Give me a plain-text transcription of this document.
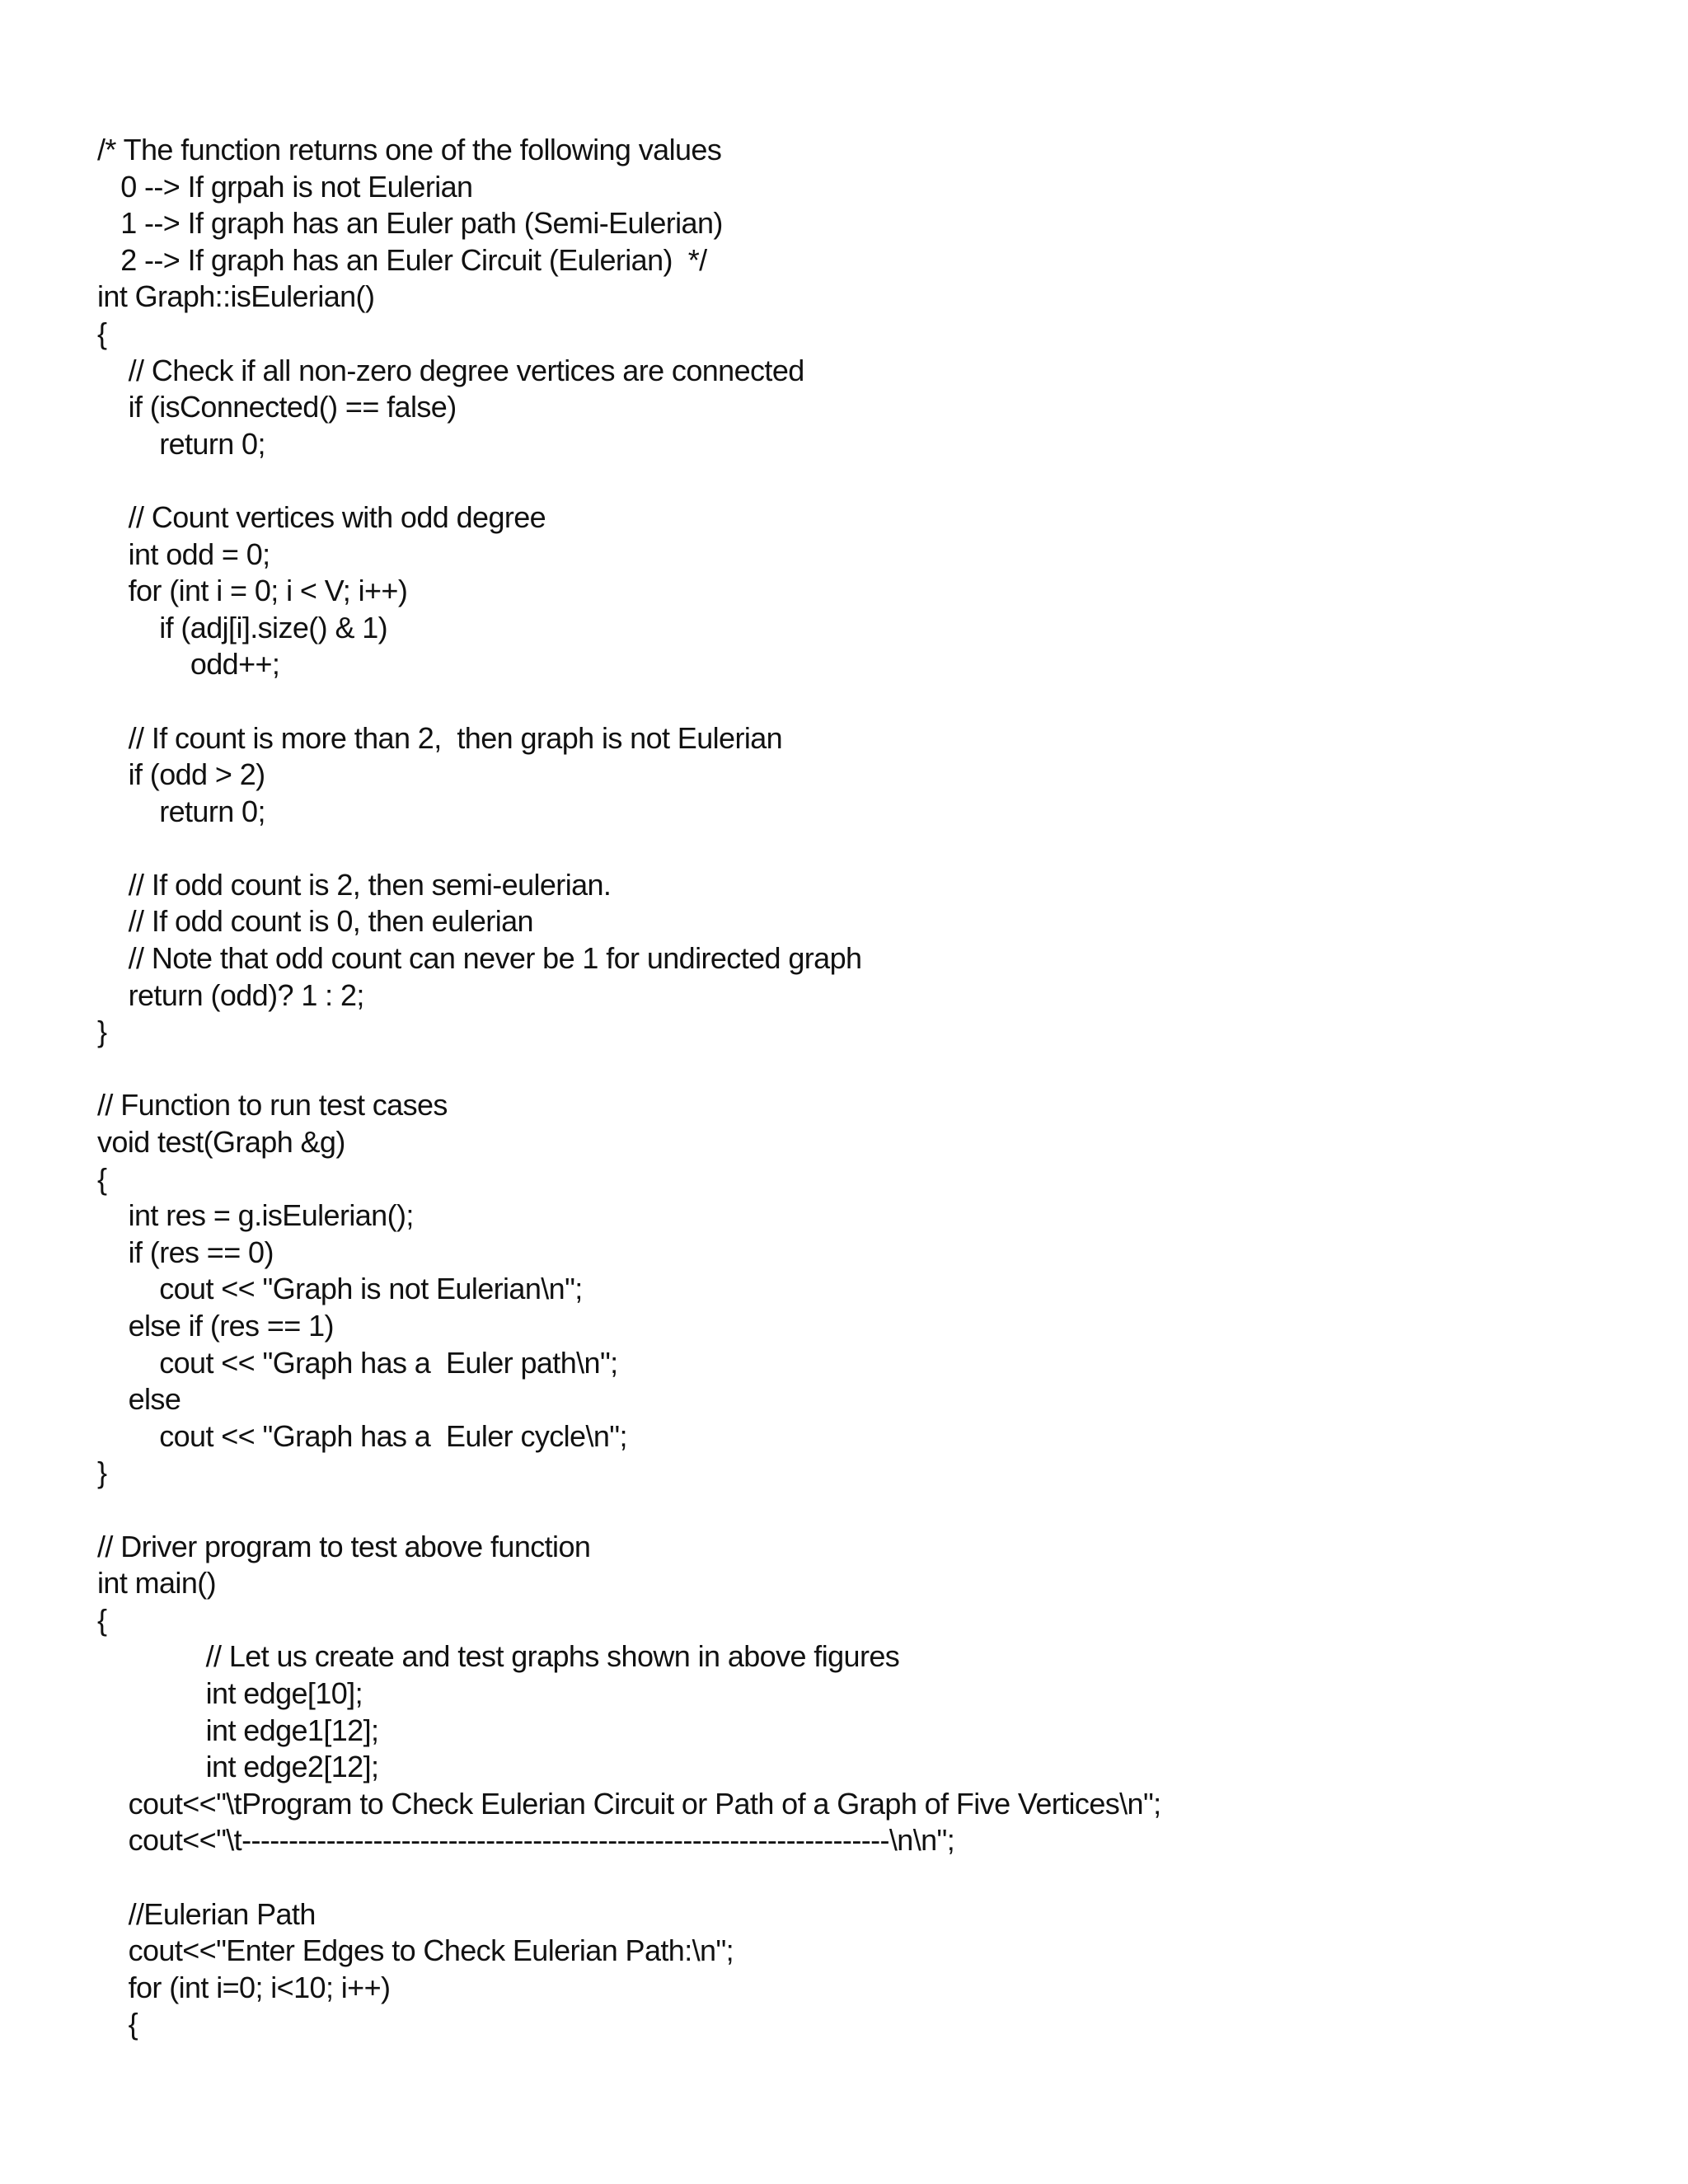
/* The function returns one of the following values
0 --> If grpah is not Eulerian
1 --> If graph has an Euler path (Semi-Eulerian)
2 --> If graph has an Euler Circuit (Eulerian)  */
int Graph::isEulerian()
{
// Check if all non-zero degree vertices are connected
if (isConnected() == false)
return 0;

// Count vertices with odd degree
int odd = 0;
for (int i = 0; i < V; i++)
if (adj[i].size() & 1)
odd++;

// If count is more than 2,  then graph is not Eulerian
if (odd > 2)
return 0;

// If odd count is 2, then semi-eulerian.
// If odd count is 0, then eulerian
// Note that odd count can never be 1 for undirected graph
return (odd)? 1 : 2;
}

// Function to run test cases
void test(Graph &g)
{
int res = g.isEulerian();
if (res == 0)
cout << "Graph is not Eulerian\n";
else if (res == 1)
cout << "Graph has a  Euler path\n";
else
cout << "Graph has a  Euler cycle\n";
}

// Driver program to test above function
int main()
{
// Let us create and test graphs shown in above figures
int edge[10];
int edge1[12];
int edge2[12];
cout<<"\tProgram to Check Eulerian Circuit or Path of a Graph of Five Vertices\n";
cout<<"\t---------------------------------------------------------------------\n\n";

//Eulerian Path
cout<<"Enter Edges to Check Eulerian Path:\n";
for (int i=0; i<10; i++)
{
